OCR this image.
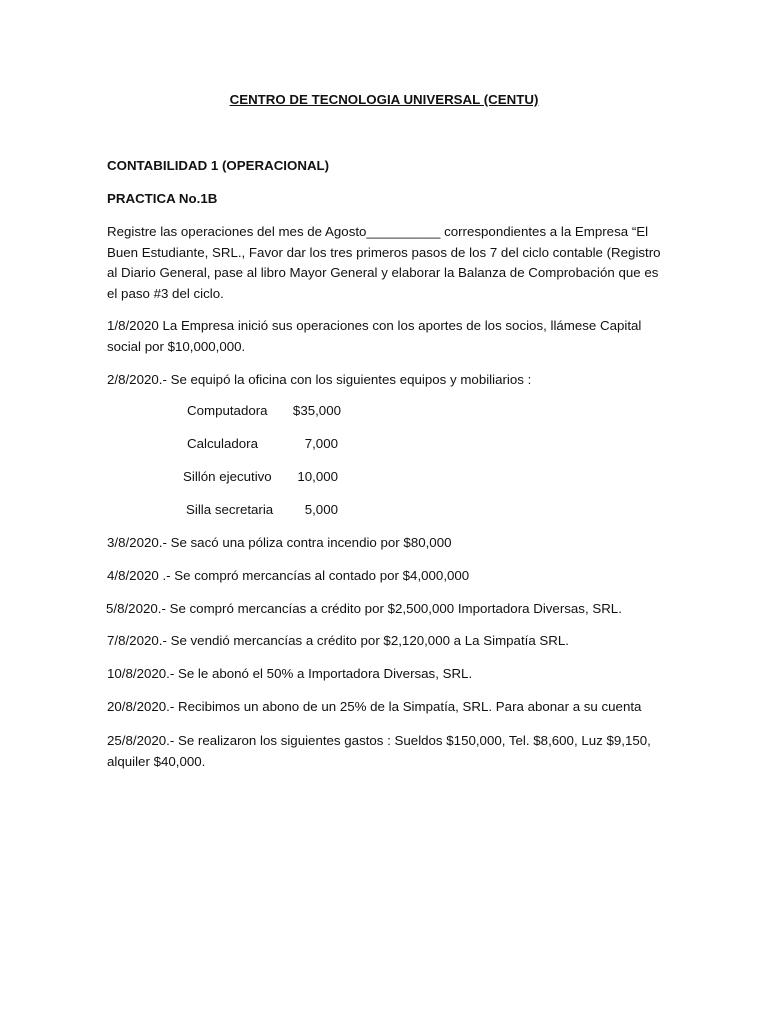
CENTRO DE TECNOLOGIA UNIVERSAL (CENTU)
CONTABILIDAD 1 (OPERACIONAL)
PRACTICA No.1B
Registre las operaciones del mes de Agosto__________ correspondientes a la Empresa “El Buen Estudiante, SRL., Favor dar los tres primeros pasos de los 7 del ciclo contable (Registro al Diario General, pase al libro Mayor General y elaborar la Balanza de Comprobación que es el paso #3 del ciclo.
1/8/2020 La Empresa inició sus operaciones con los aportes de los socios, llámese Capital social por $10,000,000.
2/8/2020.- Se equipó la oficina con los siguientes equipos y mobiliarios :
Computadora	$35,000
Calculadora	7,000
Sillón ejecutivo	10,000
Silla secretaria	5,000
3/8/2020.- Se sacó una póliza contra incendio por $80,000
4/8/2020 .- Se compró mercancías al contado por $4,000,000
5/8/2020.- Se compró mercancías a crédito por $2,500,000 Importadora Diversas, SRL.
7/8/2020.- Se vendió mercancías a crédito por $2,120,000 a La Simpatía SRL.
10/8/2020.- Se le abonó el 50% a Importadora Diversas, SRL.
20/8/2020.- Recibimos un abono de un 25% de la Simpatía, SRL. Para abonar a su cuenta
25/8/2020.- Se realizaron los siguientes gastos : Sueldos $150,000, Tel. $8,600, Luz $9,150, alquiler $40,000.
